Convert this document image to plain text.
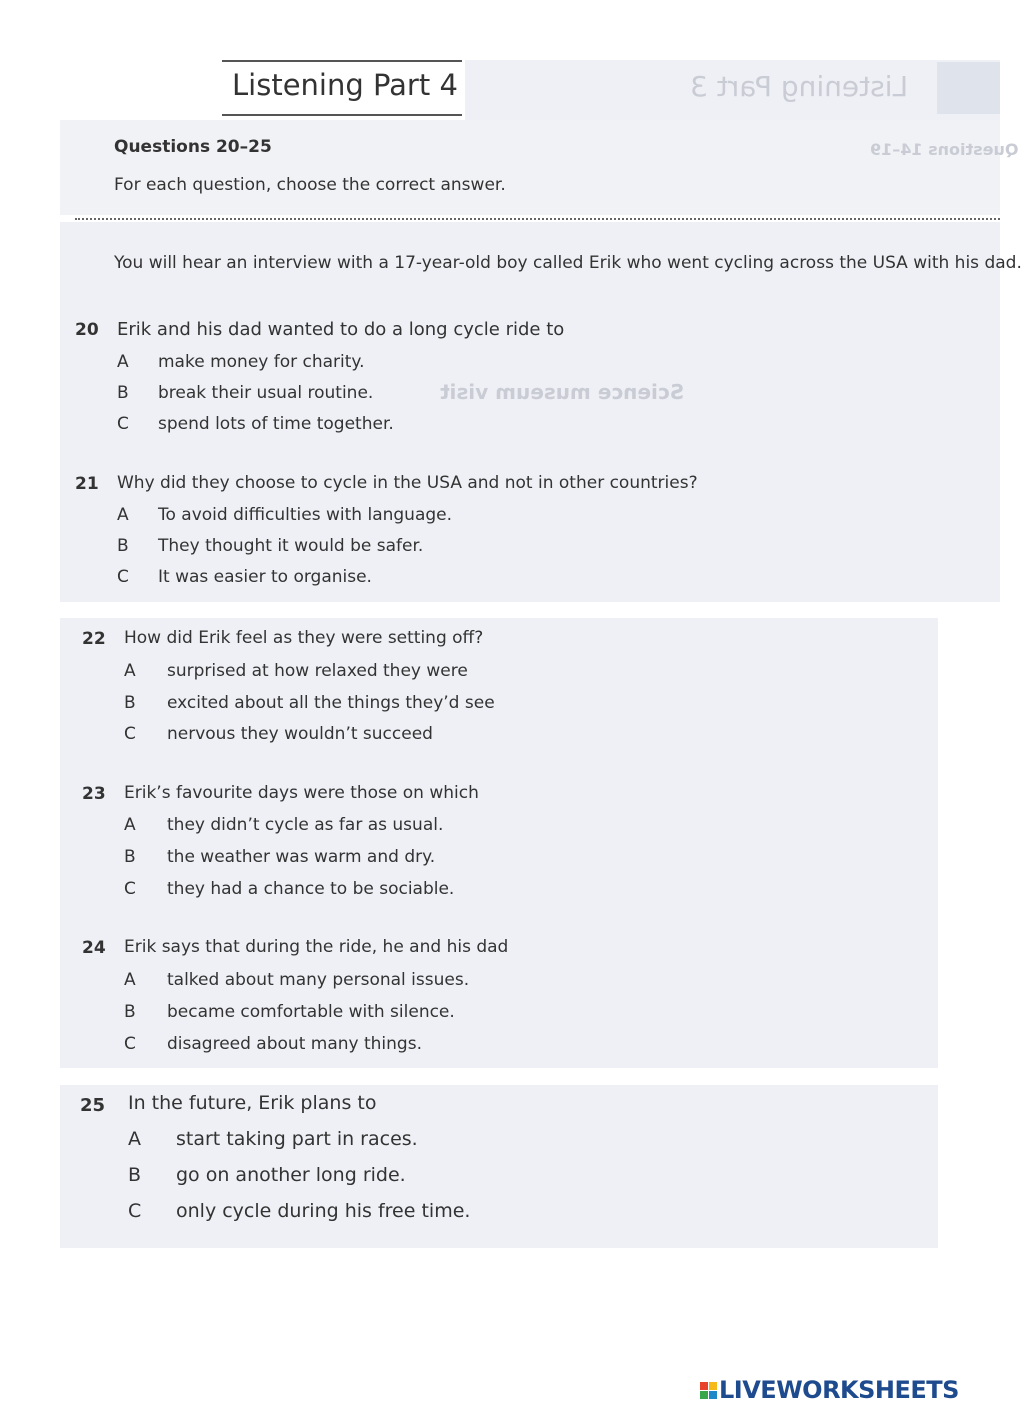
Listening Part 3
Questions 14–19
Science museum visit
Listening Part 4
Questions 20–25
For each question, choose the correct answer.
You will hear an interview with a 17-year-old boy called Erik who went cycling across the USA with his dad.
20 Erik and his dad wanted to do a long cycle ride to
A make money for charity.
B break their usual routine.
C spend lots of time together.
21 Why did they choose to cycle in the USA and not in other countries?
A To avoid difficulties with language.
B They thought it would be safer.
C It was easier to organise.
22 How did Erik feel as they were setting off?
A surprised at how relaxed they were
B excited about all the things they’d see
C nervous they wouldn’t succeed
23 Erik’s favourite days were those on which
A they didn’t cycle as far as usual.
B the weather was warm and dry.
C they had a chance to be sociable.
24 Erik says that during the ride, he and his dad
A talked about many personal issues.
B became comfortable with silence.
C disagreed about many things.
25 In the future, Erik plans to
A start taking part in races.
B go on another long ride.
C only cycle during his free time.
LIVEWORKSHEETS
